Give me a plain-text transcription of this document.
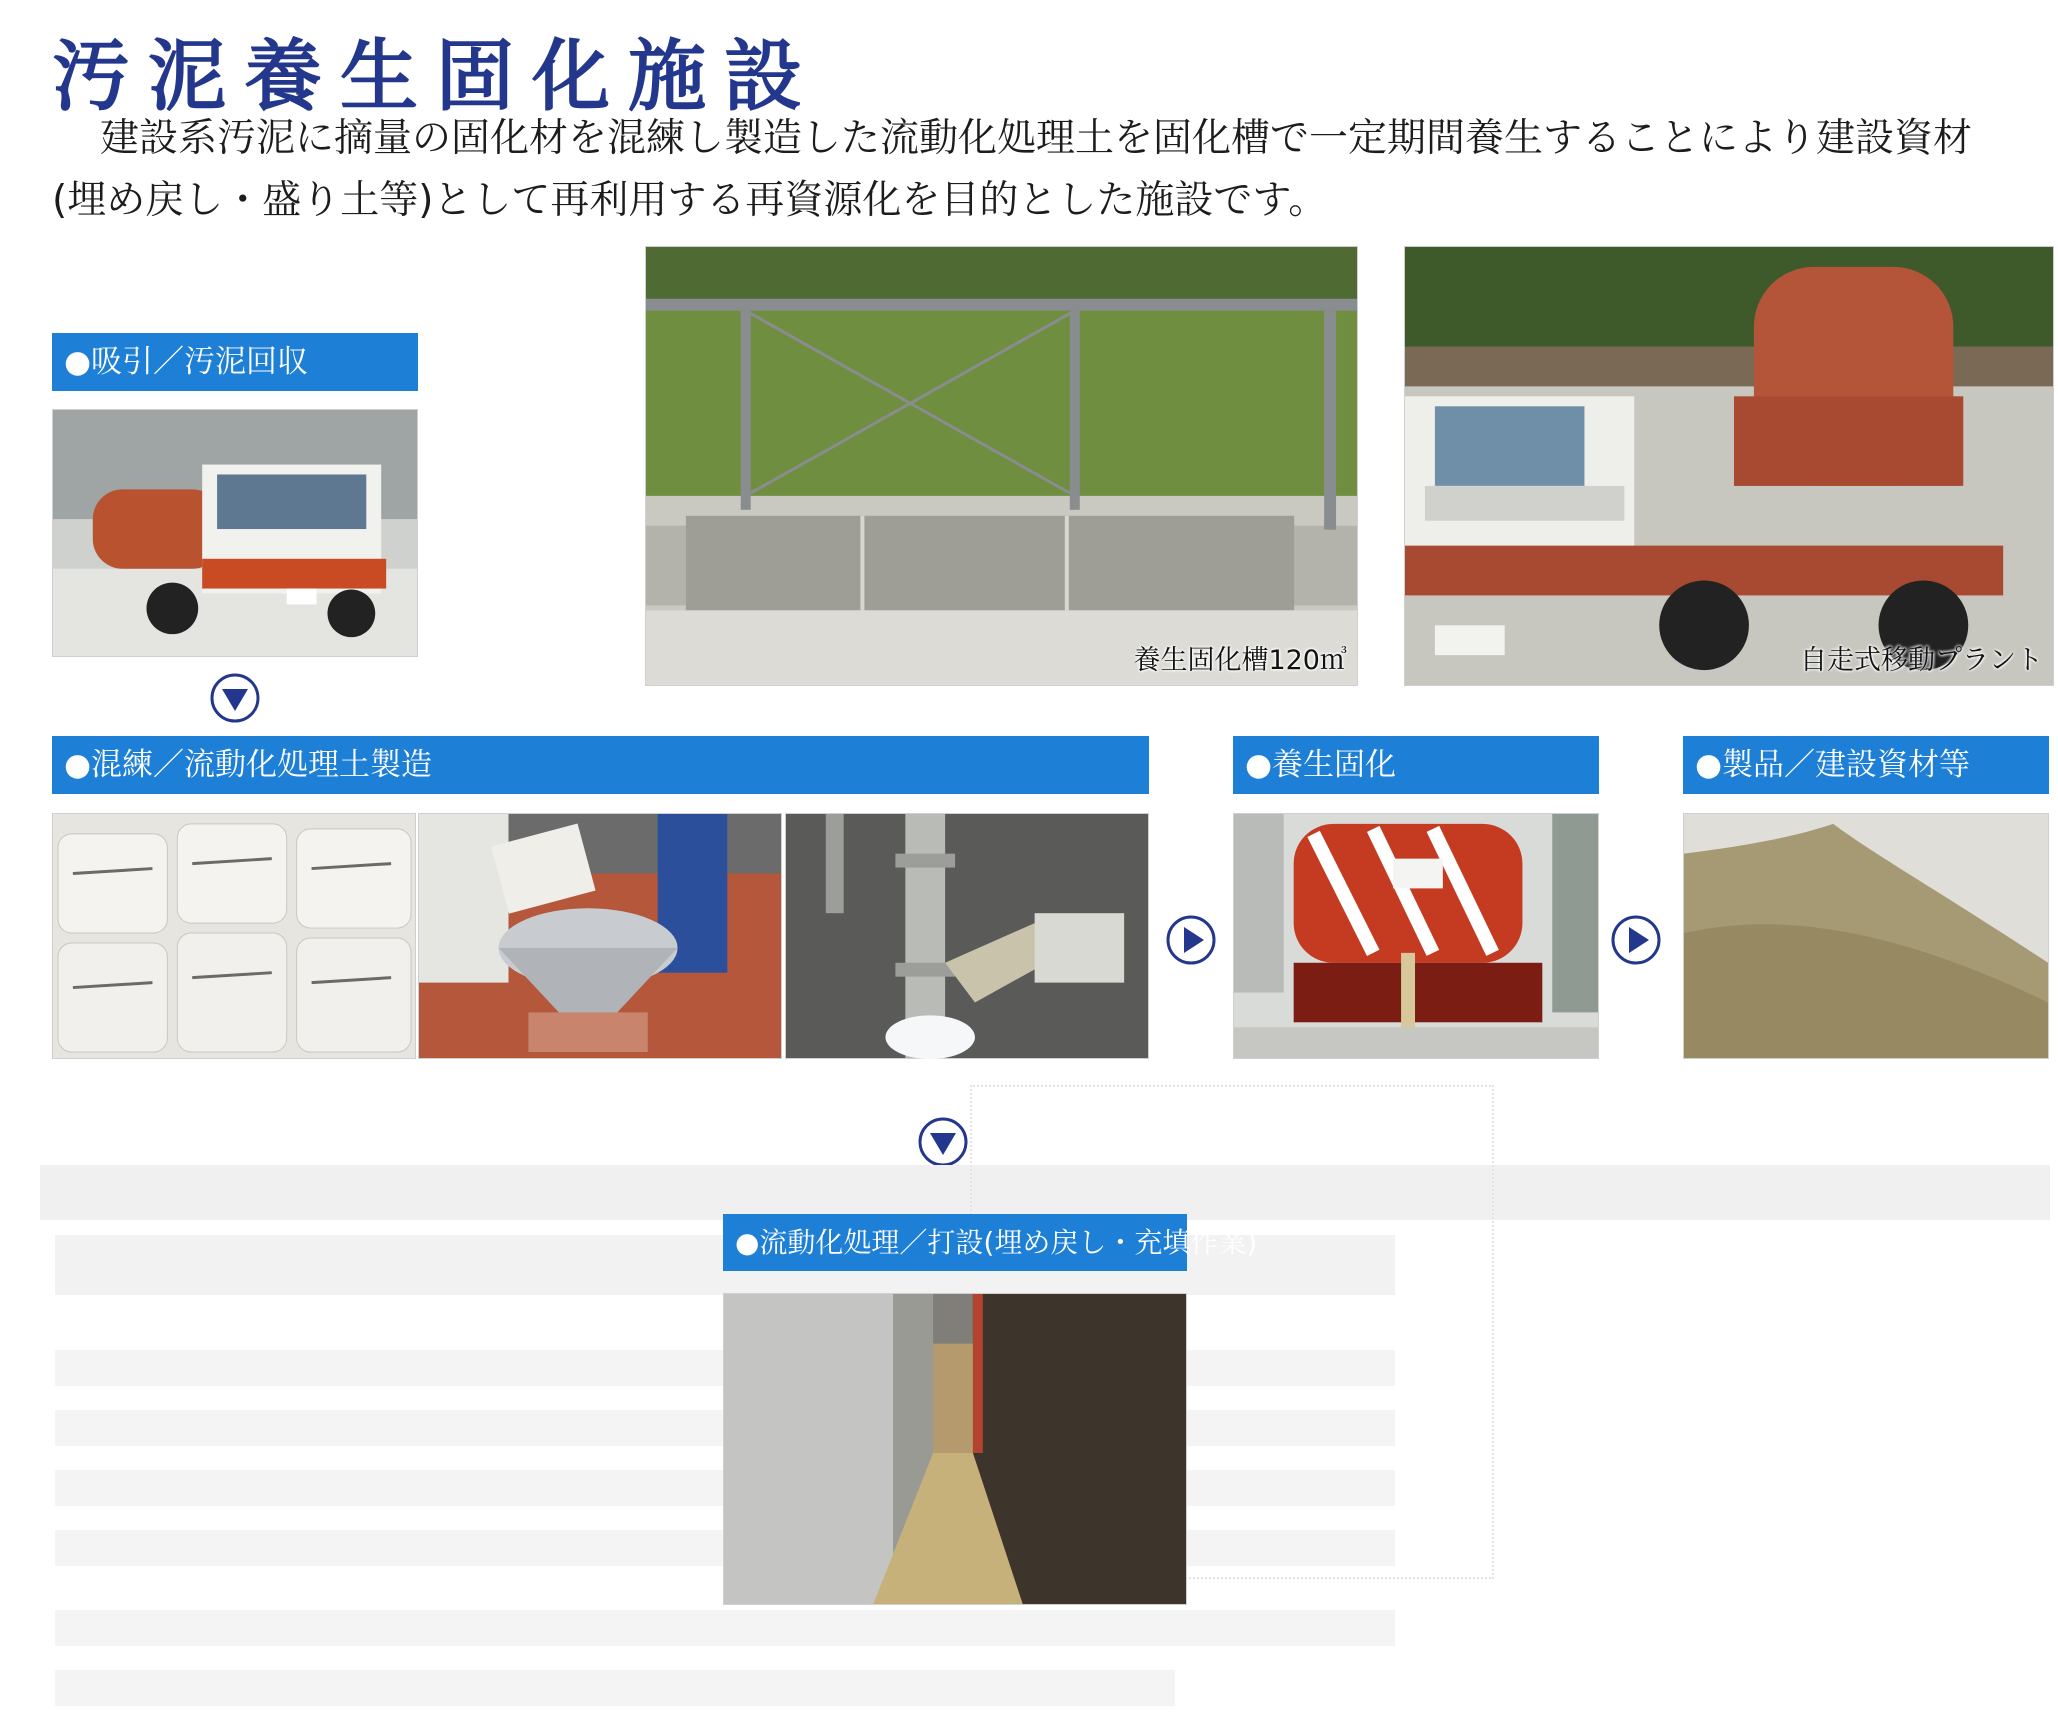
汚泥養生固化施設

建設系汚泥に摘量の固化材を混練し製造した流動化処理土を固化槽で一定期間養生することにより建設資材

(埋め戻し・盛り土等)として再利用する再資源化を目的とした施設です。

養生固化槽120㎥	自走式移動プラント
●吸引／汚泥回収
●混練／流動化処理土製造	●養生固化	●製品／建設資材等
●流動化処理／打設(埋め戻し・充填作業)
